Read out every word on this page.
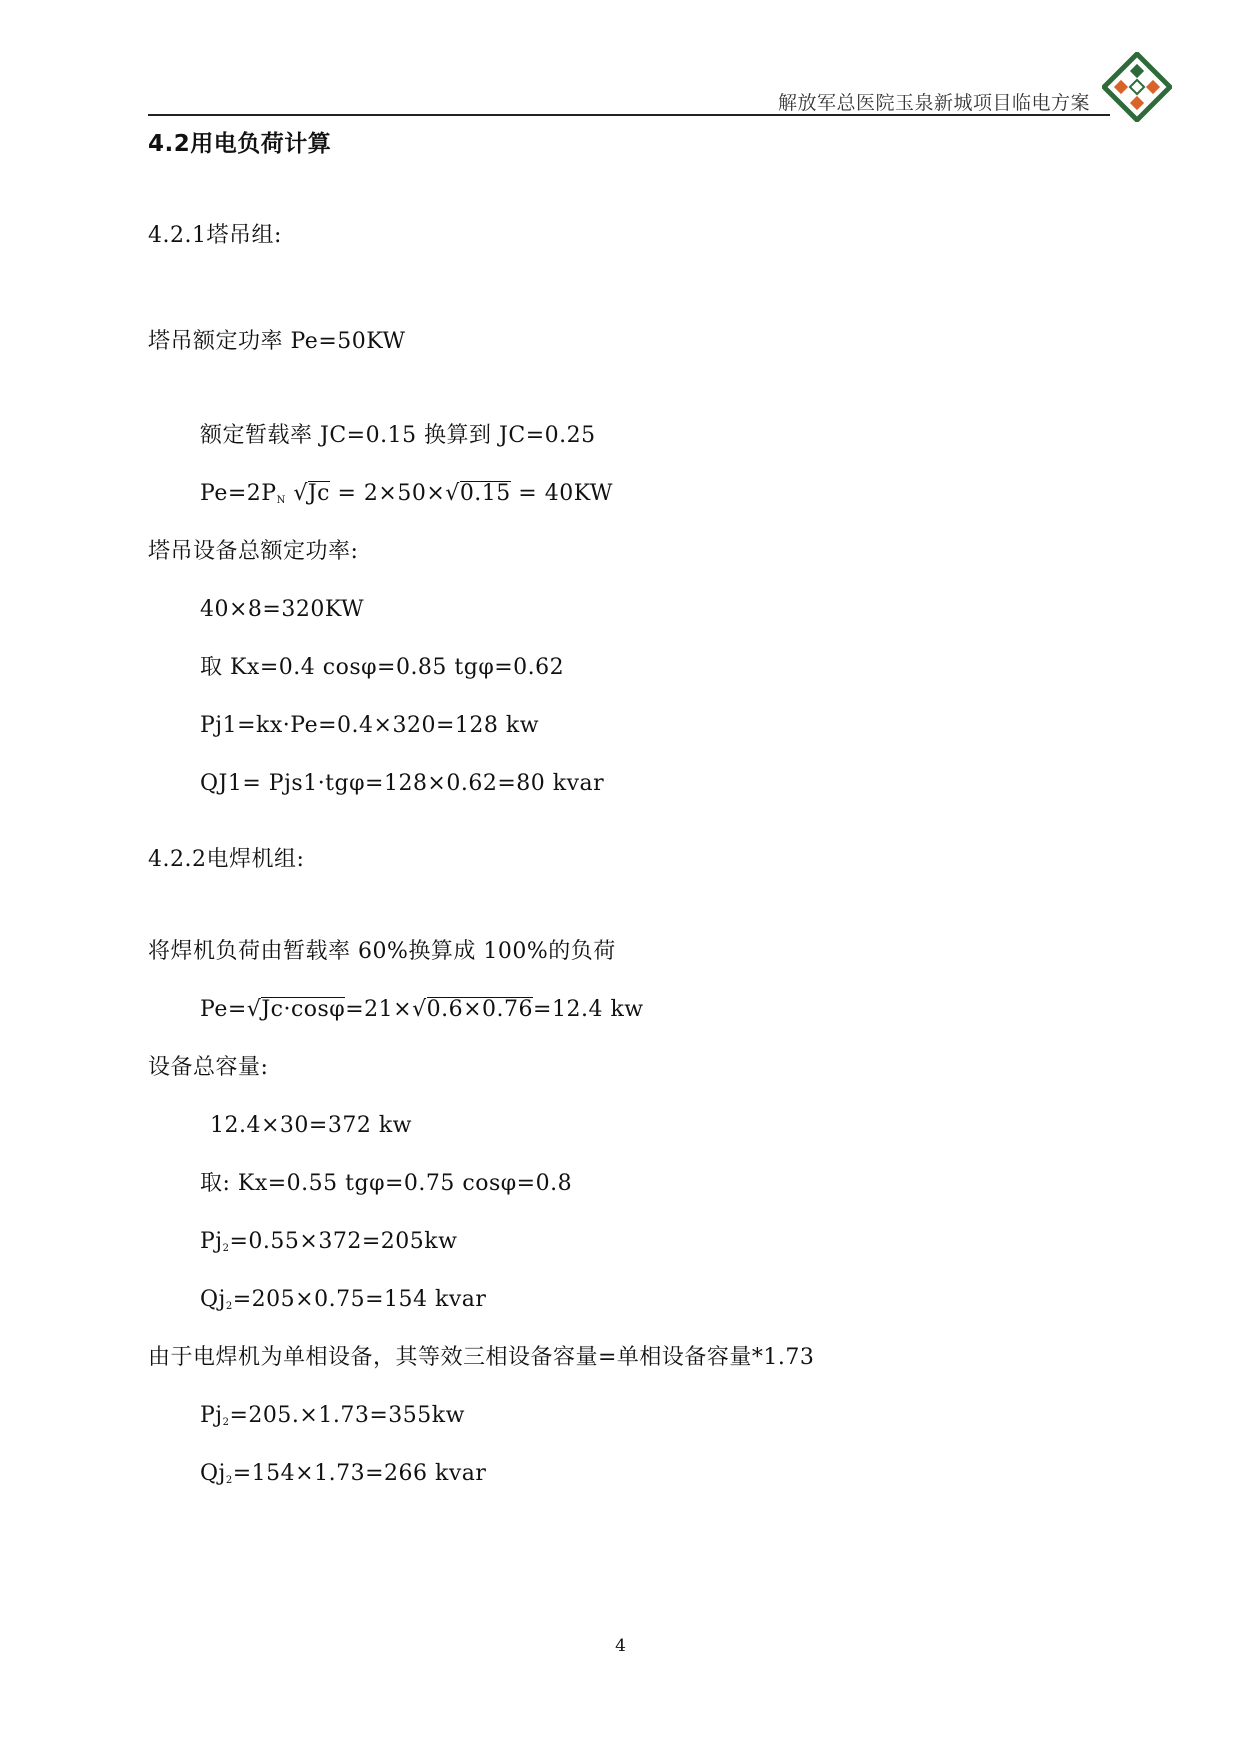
解放军总医院玉泉新城项目临电方案
4.2用电负荷计算
4.2.1塔吊组:
塔吊额定功率 Pe=50KW
额定暂载率 JC=0.15 换算到 JC=0.25
$Pe=2P_N$ √Jc = 2×50×√0.15 = 40KW
塔吊设备总额定功率:
40×8=320KW
取 Kx=0.4 cosφ=0.85 tgφ=0.62
Pj1=kx·Pe=0.4×320=128 kw
QJ1= Pjs1·tgφ=128×0.62=80 kvar
4.2.2电焊机组:
将焊机负荷由暂载率 60%换算成 100%的负荷
Pe=√Jc·cosφ=21×√0.6×0.76=12.4 kw
设备总容量:
12.4×30=372 kw
取: Kx=0.55 tgφ=0.75 cosφ=0.8
$Pj_2=0.55\times 372=205kw$
$Qj_2=205\times 0.75=154$ kvar
由于电焊机为单相设备，其等效三相设备容量=单相设备容量*1.73
$Pj_2=205.\times 1.73=355kw$
$Qj_2=154\times 1.73=266$ kvar
4
